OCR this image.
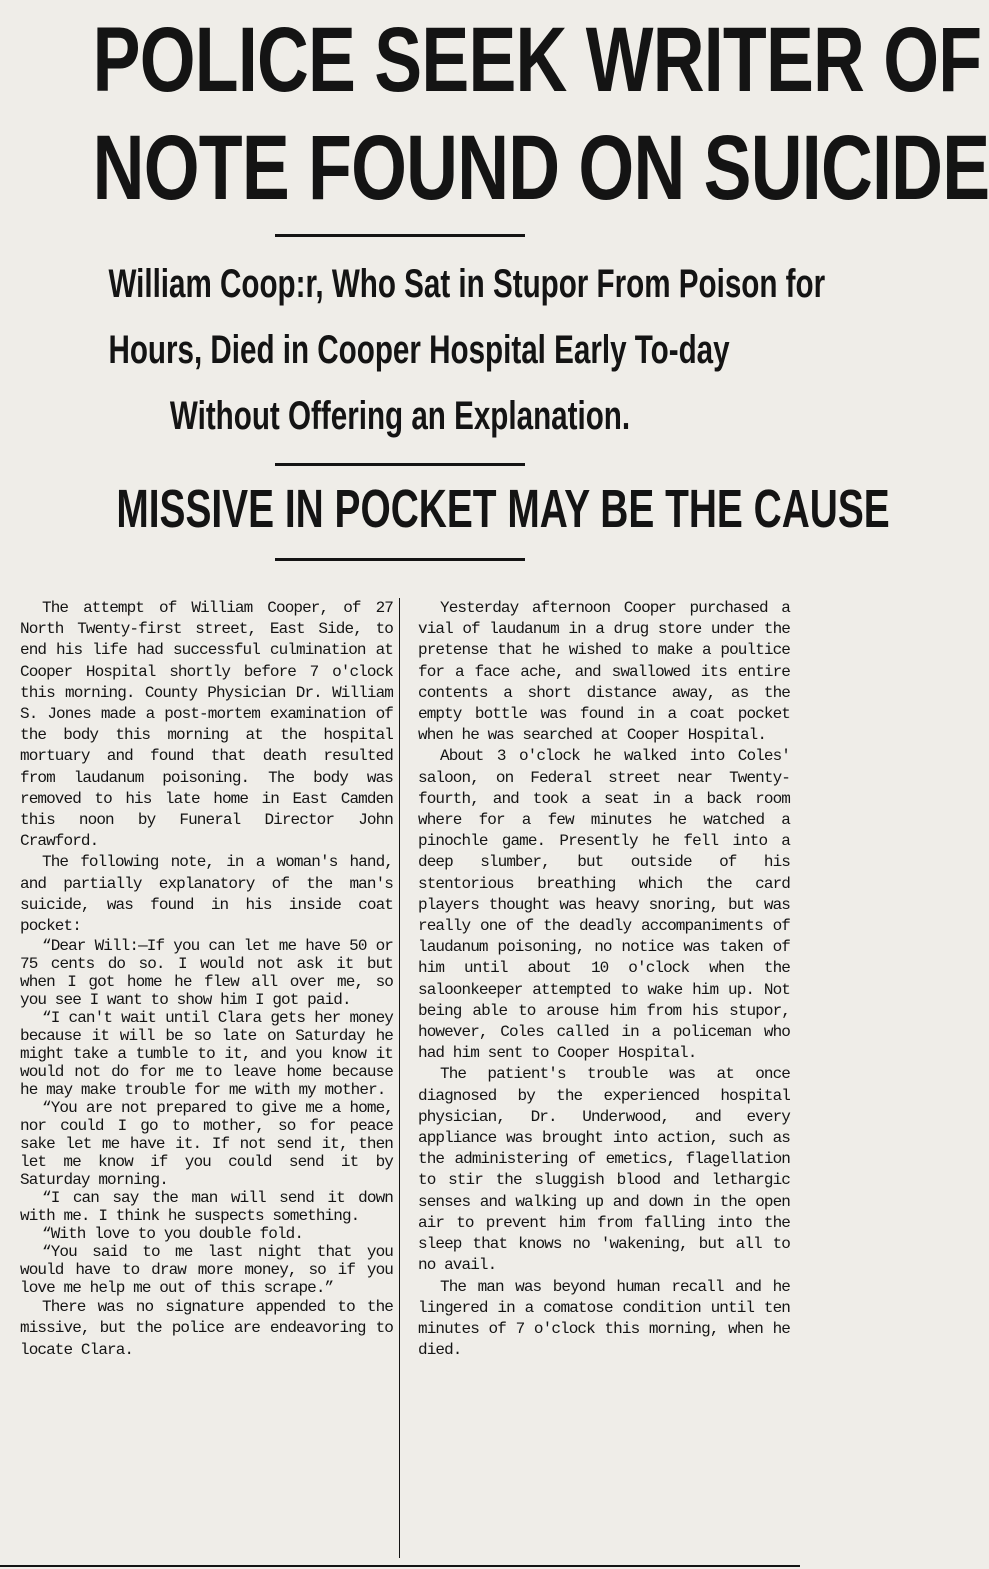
POLICE SEEK WRITER OF
NOTE FOUND ON SUICIDE
William Coop:r, Who Sat in Stupor From Poison for
Hours, Died in Cooper Hospital Early To-day
Without Offering an Explanation.
MISSIVE IN POCKET MAY BE THE CAUSE

The attempt of William Cooper, of 27 North Twenty-first street, East Side, to end his life had successful culmination at Cooper Hospital shortly before 7 o'clock this morning. County Physician Dr. William S. Jones made a post-mortem examination of the body this morning at the hospital mortuary and found that death resulted from laudanum poisoning. The body was removed to his late home in East Camden this noon by Funeral Director John Crawford.

The following note, in a woman's hand, and partially explanatory of the man's suicide, was found in his inside coat pocket:

“Dear Will:—If you can let me have 50 or 75 cents do so. I would not ask it but when I got home he flew all over me, so you see I want to show him I got paid.

“I can't wait until Clara gets her money because it will be so late on Saturday he might take a tumble to it, and you know it would not do for me to leave home because he may make trouble for me with my mother.

“You are not prepared to give me a home, nor could I go to mother, so for peace sake let me have it. If not send it, then let me know if you could send it by Saturday morning.

“I can say the man will send it down with me. I think he suspects something.

“With love to you double fold.

“You said to me last night that you would have to draw more money, so if you love me help me out of this scrape.”

There was no signature appended to the missive, but the police are endeavoring to locate Clara.

Yesterday afternoon Cooper purchased a vial of laudanum in a drug store under the pretense that he wished to make a poultice for a face ache, and swallowed its entire contents a short distance away, as the empty bottle was found in a coat pocket when he was searched at Cooper Hospital.

About 3 o'clock he walked into Coles' saloon, on Federal street near Twenty-fourth, and took a seat in a back room where for a few minutes he watched a pinochle game. Presently he fell into a deep slumber, but outside of his stentorious breathing which the card players thought was heavy snoring, but was really one of the deadly accompaniments of laudanum poisoning, no notice was taken of him until about 10 o'clock when the saloonkeeper attempted to wake him up. Not being able to arouse him from his stupor, however, Coles called in a policeman who had him sent to Cooper Hospital.

The patient's trouble was at once diagnosed by the experienced hospital physician, Dr. Underwood, and every appliance was brought into action, such as the administering of emetics, flagellation to stir the sluggish blood and lethargic senses and walking up and down in the open air to prevent him from falling into the sleep that knows no 'wakening, but all to no avail.

The man was beyond human recall and he lingered in a comatose condition until ten minutes of 7 o'clock this morning, when he died.
